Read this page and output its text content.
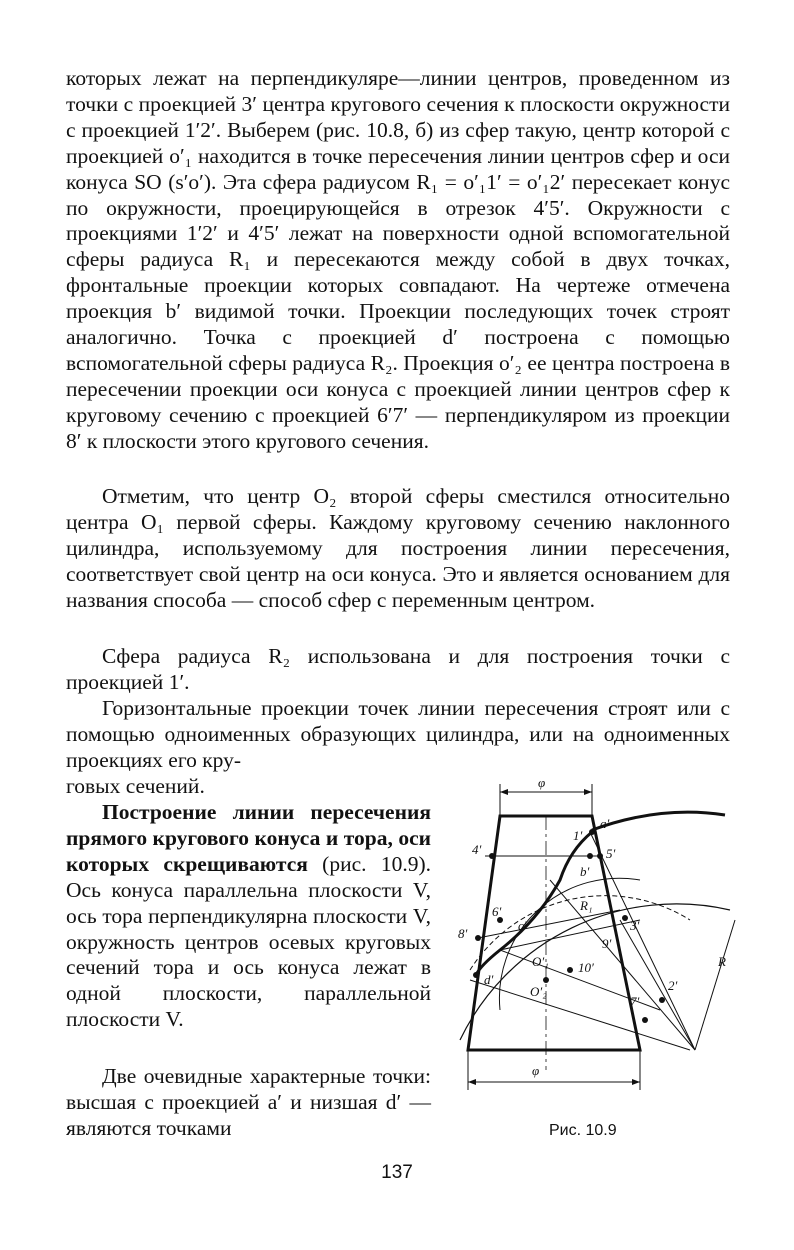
которых лежат на перпендикуляре—линии центров, проведенном из точки с проекцией 3′ центра кругового сечения к плоскости окружности с проекцией 1′2′. Выберем (рис. 10.8, б) из сфер такую, центр которой с проекцией o′₁ находится в точке пересечения линии центров сфер и оси конуса SO (s′o′). Эта сфера радиусом R₁ = o′₁1′ = o′₁2′ пересекает конус по окружности, проецирующейся в отрезок 4′5′. Окружности с проекциями 1′2′ и 4′5′ лежат на поверхности одной вспомогательной сферы радиуса R₁ и пересекаются между собой в двух точках, фронтальные проекции которых совпадают. На чертеже отмечена проекция b′ видимой точки. Проекции последующих точек строят аналогично. Точка с проекцией d′ построена с помощью вспомогательной сферы радиуса R₂. Проекция o′₂ ее центра построена в пересечении проекции оси конуса с проекцией линии центров сфер к круговому сечению с проекцией 6′7′ — перпендикуляром из проекции 8′ к плоскости этого кругового сечения.

Отметим, что центр O₂ второй сферы сместился относительно центра O₁ первой сферы. Каждому круговому сечению наклонного цилиндра, используемому для построения линии пересечения, соответствует свой центр на оси конуса. Это и является основанием для названия способа — способ сфер с переменным центром.

Сфера радиуса R₂ использована и для построения точки с проекцией 1′.

Горизонтальные проекции точек линии пересечения строят или с помощью одноименных образующих цилиндра, или на одноименных проекциях его кру-

говых сечений.

Построение линии пересечения прямого кругового конуса и тора, оси которых скрещиваются (рис. 10.9). Ось конуса параллельна плоскости V, ось тора перпендикулярна плоскости V, окружность центров осевых круговых сечений тора и ось конуса лежат в одной плоскости, параллельной плоскости V.

Две очевидные характерные точки: высшая с проекцией a′ и низшая d′ — являются точками

φ
φ
a′
1′
4′	5′
b′
6′
8′
c′
R₁
3′
9′
O′₁ 10′
d′
O′₂	2′
7′
R
Рис. 10.9
137
